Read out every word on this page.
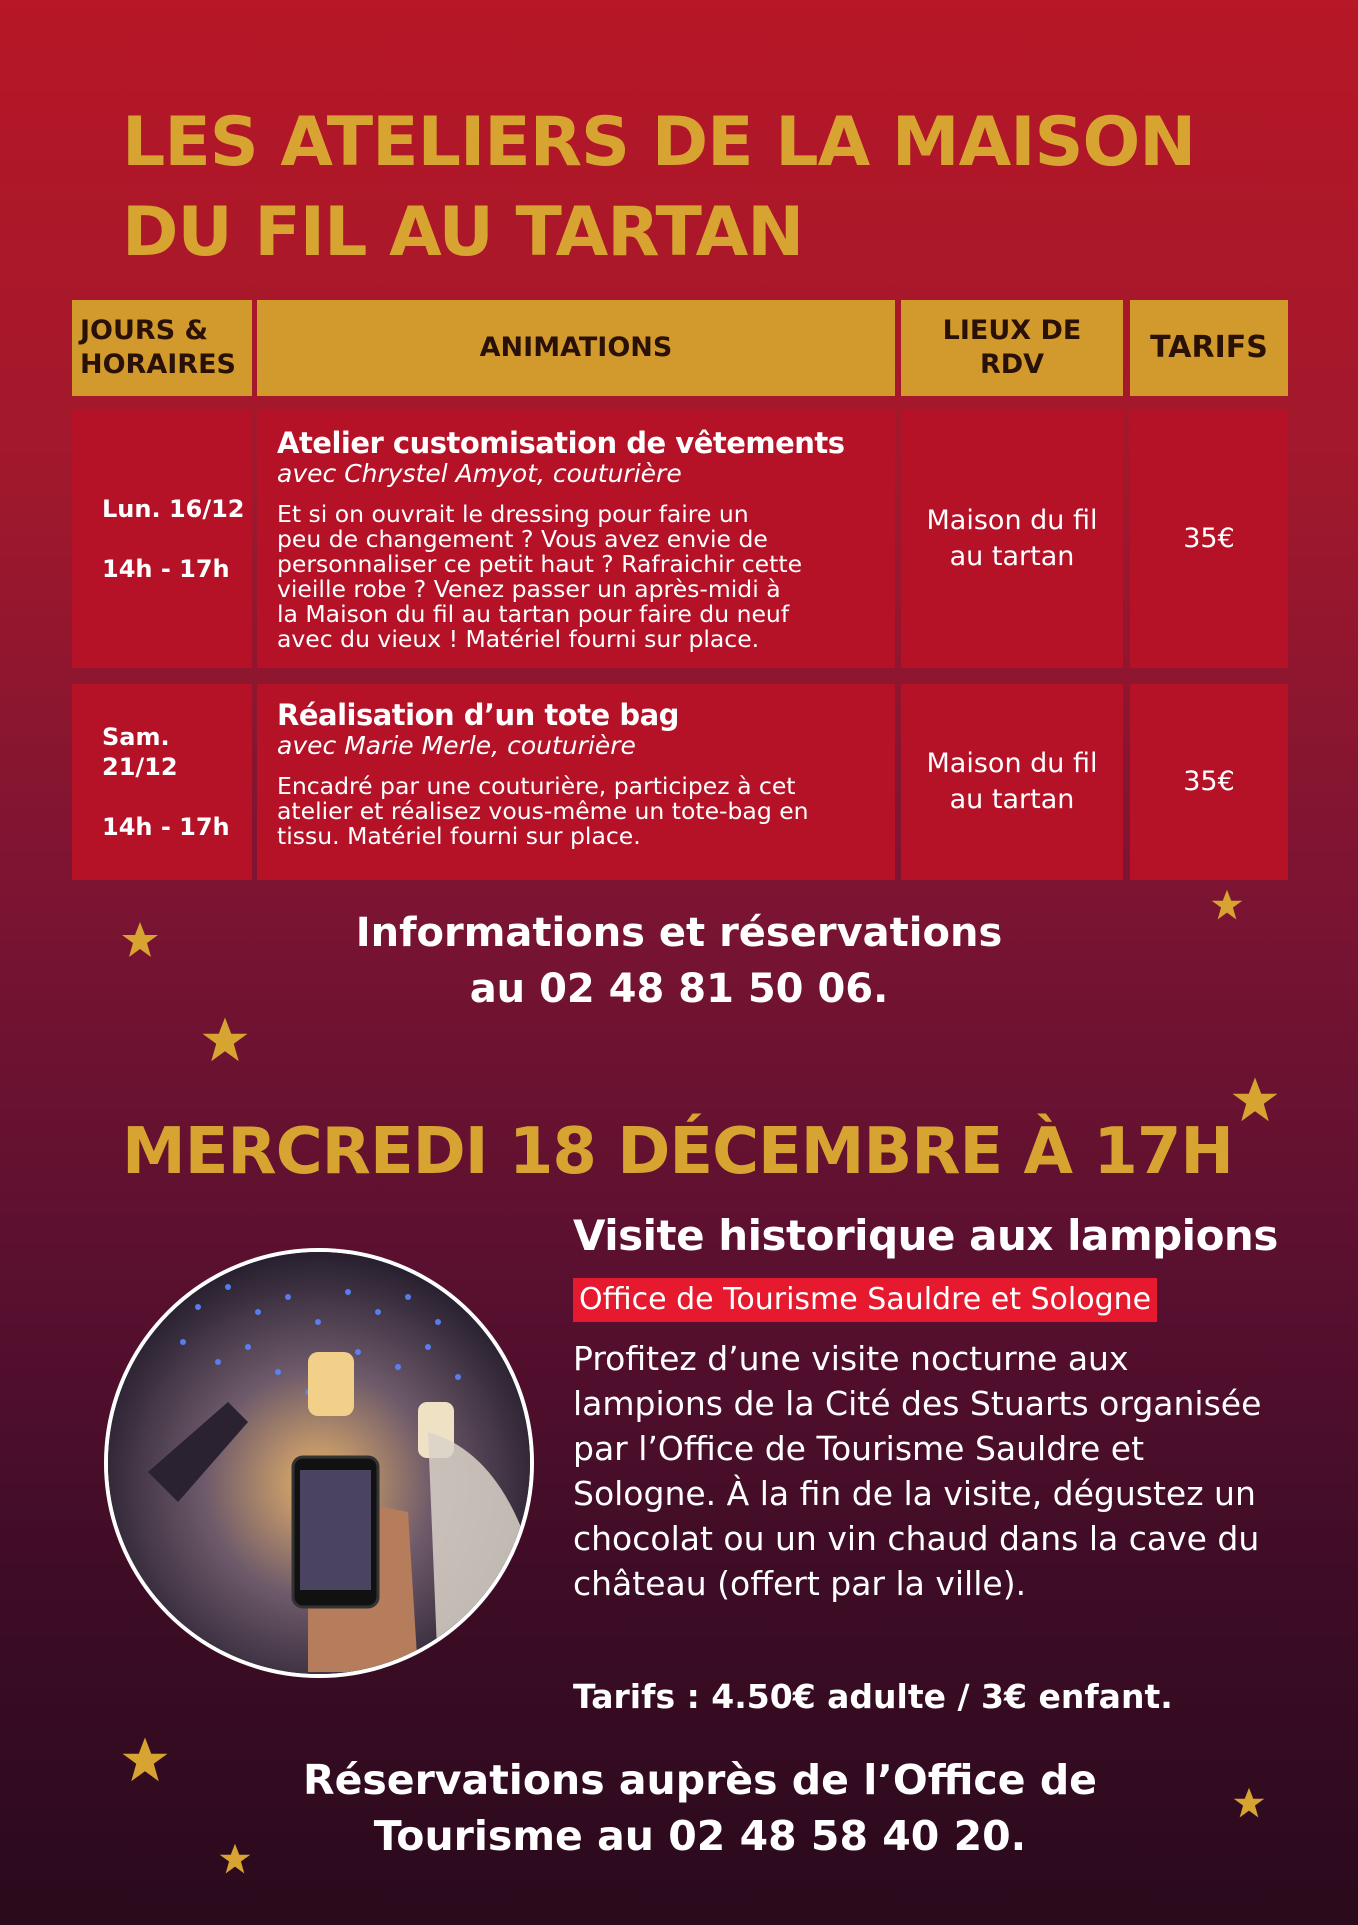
LES ATELIERS DE LA MAISON
DU FIL AU TARTAN
JOURS &
HORAIRES
ANIMATIONS
LIEUX DE
RDV	TARIFS
Lun. 16/12
14h - 17h
Atelier customisation de vêtements
avec Chrystel Amyot, couturière
Et si on ouvrait le dressing pour faire un
peu de changement ? Vous avez envie de
personnaliser ce petit haut ? Rafraichir cette
vieille robe ? Venez passer un après-midi à
la Maison du fil au tartan pour faire du neuf
avec du vieux ! Matériel fourni sur place.
Maison du fil
au tartan
35€
Sam. 21/12
14h - 17h
Réalisation d’un tote bag
avec Marie Merle, couturière
Encadré par une couturière, participez à cet
atelier et réalisez vous-même un tote-bag en
tissu. Matériel fourni sur place.
Maison du fil
au tartan
35€
Informations et réservations
au 02 48 81 50 06.
MERCREDI 18 DÉCEMBRE À 17H
Visite historique aux lampions
Office de Tourisme Sauldre et Sologne
Profitez d’une visite nocturne aux
lampions de la Cité des Stuarts organisée
par l’Office de Tourisme Sauldre et
Sologne. À la fin de la visite, dégustez un
chocolat ou un vin chaud dans la cave du
château (offert par la ville).
Tarifs : 4.50€ adulte / 3€ enfant.
Réservations auprès de l’Office de
Tourisme au 02 48 58 40 20.
